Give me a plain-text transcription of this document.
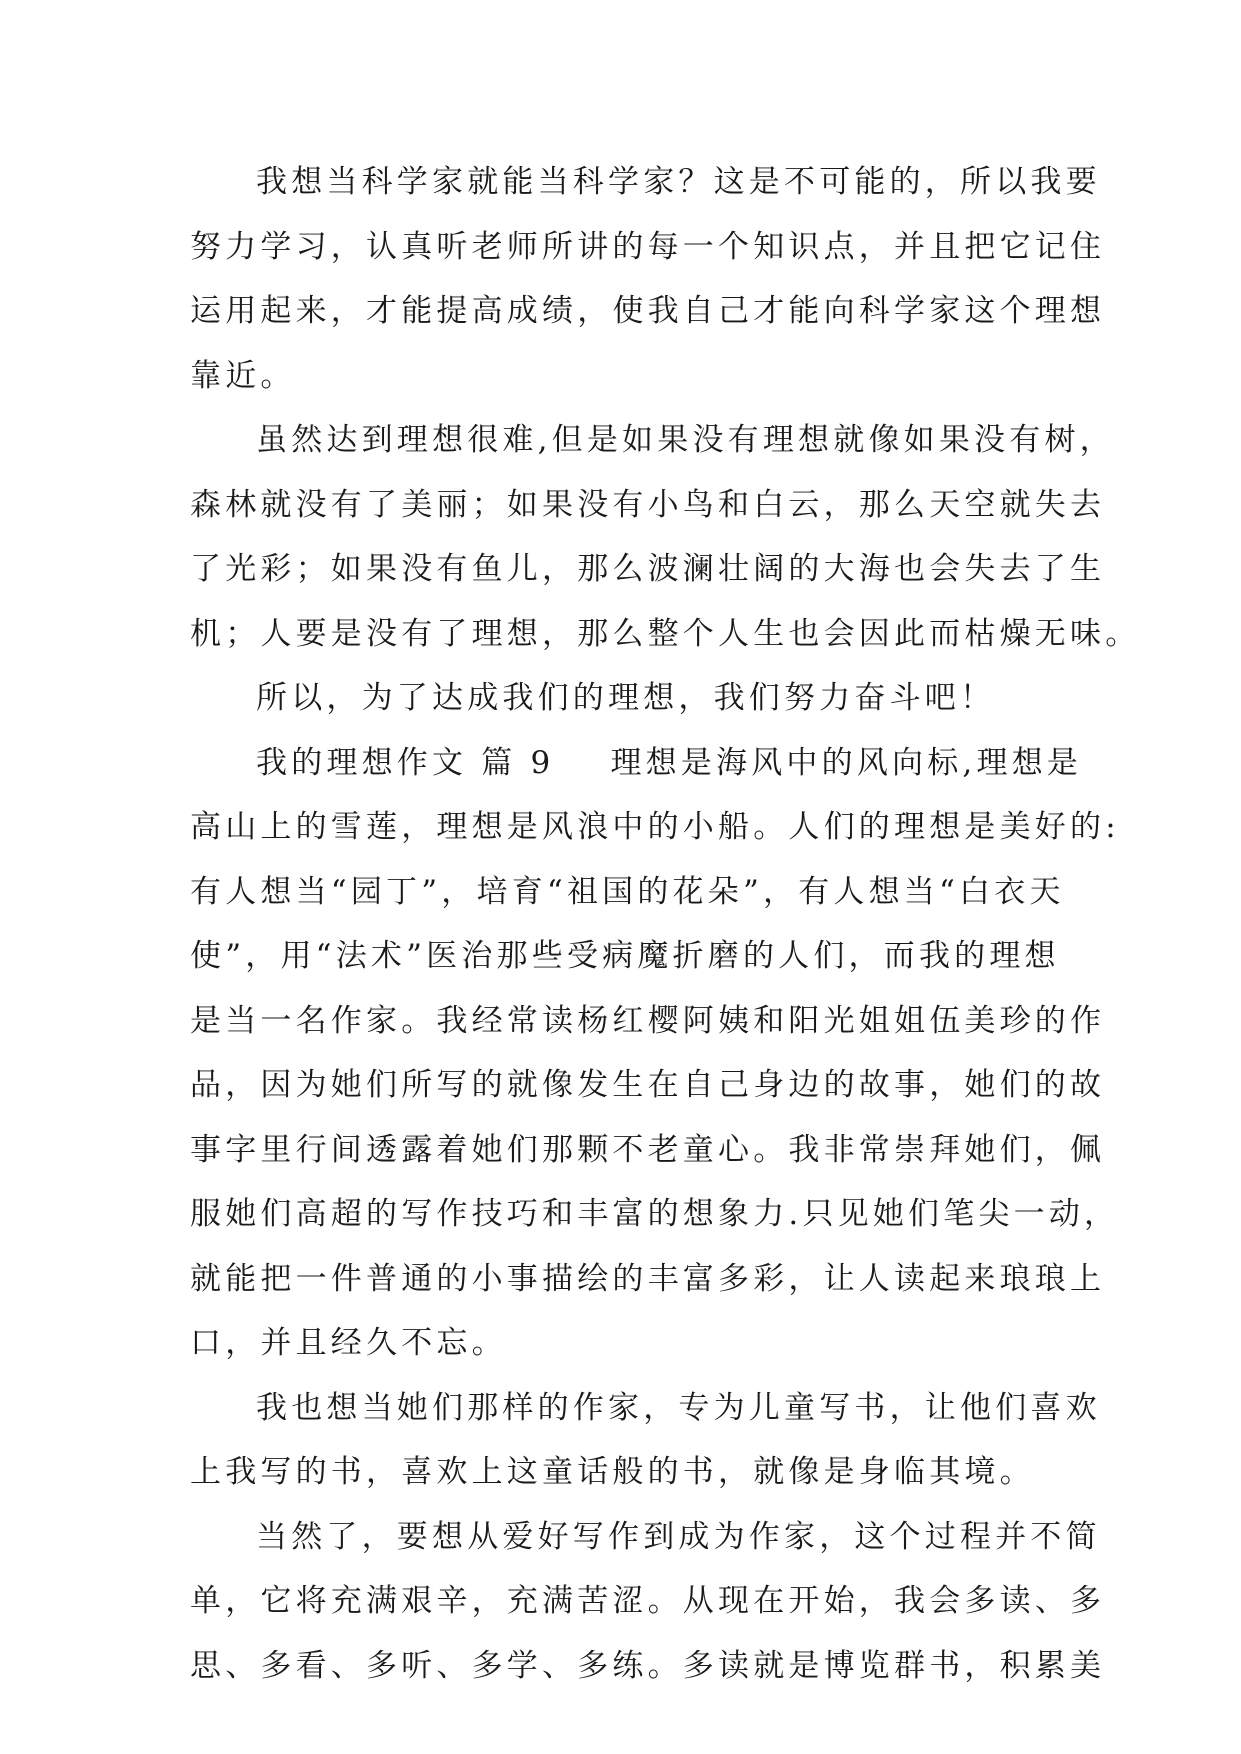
我想当科学家就能当科学家？这是不可能的，所以我要
努力学习，认真听老师所讲的每一个知识点，并且把它记住
运用起来，才能提高成绩，使我自己才能向科学家这个理想
靠近。
虽然达到理想很难,但是如果没有理想就像如果没有树，
森林就没有了美丽；如果没有小鸟和白云，那么天空就失去
了光彩；如果没有鱼儿，那么波澜壮阔的大海也会失去了生
机；人要是没有了理想，那么整个人生也会因此而枯燥无味。
所以，为了达成我们的理想，我们努力奋斗吧！
我的理想作文 篇 9 理想是海风中的风向标,理想是
高山上的雪莲，理想是风浪中的小船。人们的理想是美好的:
有人想当“园丁”，培育“祖国的花朵”，有人想当“白衣天
使”，用“法术”医治那些受病魔折磨的人们，而我的理想
是当一名作家。我经常读杨红樱阿姨和阳光姐姐伍美珍的作
品，因为她们所写的就像发生在自己身边的故事，她们的故
事字里行间透露着她们那颗不老童心。我非常崇拜她们，佩
服她们高超的写作技巧和丰富的想象力.只见她们笔尖一动，
就能把一件普通的小事描绘的丰富多彩，让人读起来琅琅上
口，并且经久不忘。
我也想当她们那样的作家，专为儿童写书，让他们喜欢
上我写的书，喜欢上这童话般的书，就像是身临其境。
当然了，要想从爱好写作到成为作家，这个过程并不简
单，它将充满艰辛，充满苦涩。从现在开始，我会多读、多
思、多看、多听、多学、多练。多读就是博览群书，积累美
